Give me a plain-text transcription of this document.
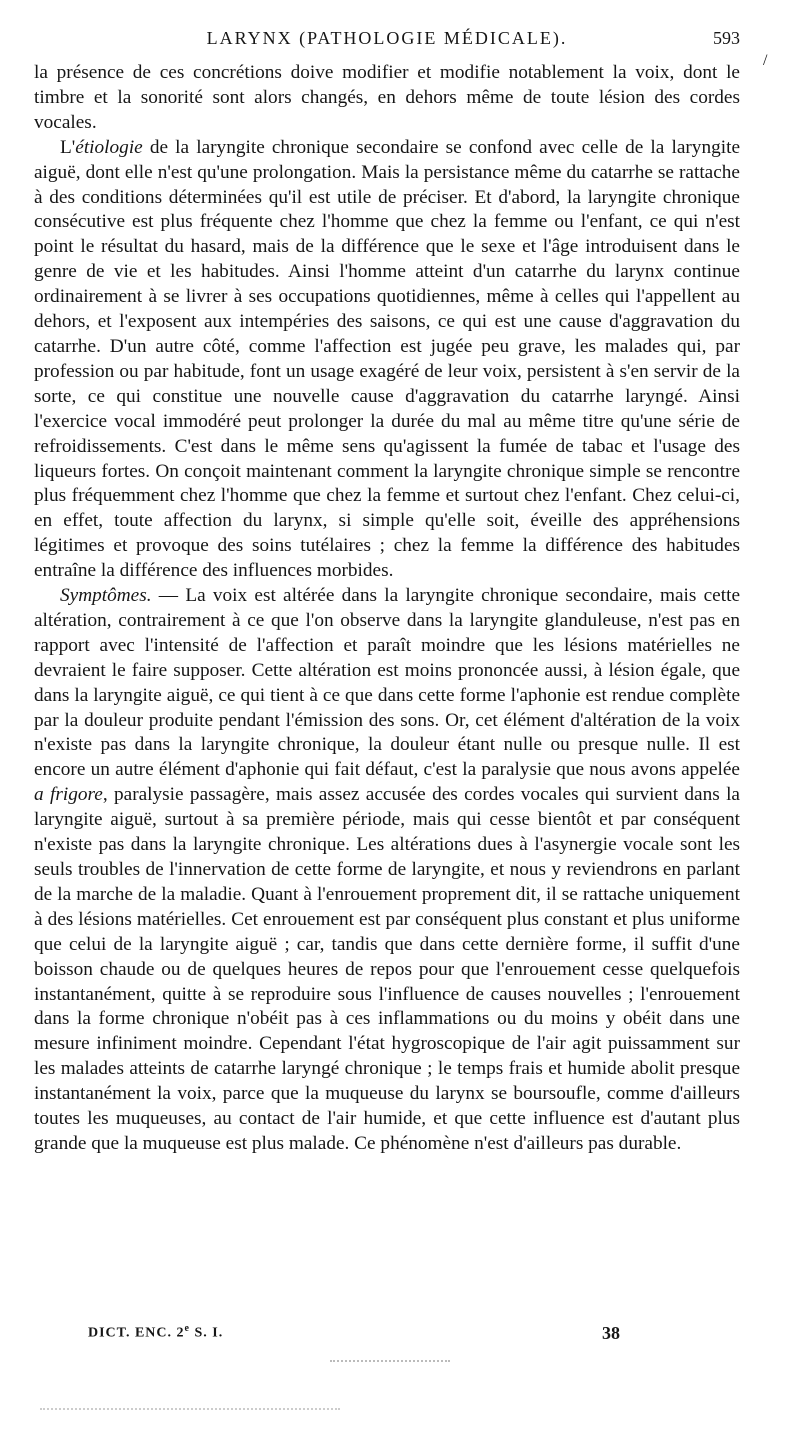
LARYNX (PATHOLOGIE MÉDICALE).	593
/

la présence de ces concrétions doive modifier et modifie notablement la voix, dont le timbre et la sonorité sont alors changés, en dehors même de toute lésion des cordes vocales.

L'étiologie de la laryngite chronique secondaire se confond avec celle de la laryngite aiguë, dont elle n'est qu'une prolongation. Mais la persistance même du catarrhe se rattache à des conditions déterminées qu'il est utile de préciser. Et d'abord, la laryngite chronique consécutive est plus fréquente chez l'homme que chez la femme ou l'enfant, ce qui n'est point le résultat du hasard, mais de la différence que le sexe et l'âge introduisent dans le genre de vie et les habitudes. Ainsi l'homme atteint d'un catarrhe du larynx continue ordinairement à se livrer à ses occupations quotidiennes, même à celles qui l'appellent au dehors, et l'exposent aux intempéries des saisons, ce qui est une cause d'aggravation du catarrhe. D'un autre côté, comme l'affection est jugée peu grave, les malades qui, par profession ou par habitude, font un usage exagéré de leur voix, persistent à s'en servir de la sorte, ce qui constitue une nouvelle cause d'aggravation du catarrhe laryngé. Ainsi l'exercice vocal immodéré peut prolonger la durée du mal au même titre qu'une série de refroidissements. C'est dans le même sens qu'agissent la fumée de tabac et l'usage des liqueurs fortes. On conçoit maintenant comment la laryngite chronique simple se rencontre plus fréquemment chez l'homme que chez la femme et surtout chez l'enfant. Chez celui-ci, en effet, toute affection du larynx, si simple qu'elle soit, éveille des appréhensions légitimes et provoque des soins tutélaires ; chez la femme la différence des habitudes entraîne la différence des influences morbides.

Symptômes. — La voix est altérée dans la laryngite chronique secondaire, mais cette altération, contrairement à ce que l'on observe dans la laryngite glanduleuse, n'est pas en rapport avec l'intensité de l'affection et paraît moindre que les lésions matérielles ne devraient le faire supposer. Cette altération est moins prononcée aussi, à lésion égale, que dans la laryngite aiguë, ce qui tient à ce que dans cette forme l'aphonie est rendue complète par la douleur produite pendant l'émission des sons. Or, cet élément d'altération de la voix n'existe pas dans la laryngite chronique, la douleur étant nulle ou presque nulle. Il est encore un autre élément d'aphonie qui fait défaut, c'est la paralysie que nous avons appelée a frigore, paralysie passagère, mais assez accusée des cordes vocales qui survient dans la laryngite aiguë, surtout à sa première période, mais qui cesse bientôt et par conséquent n'existe pas dans la laryngite chronique. Les altérations dues à l'asynergie vocale sont les seuls troubles de l'innervation de cette forme de laryngite, et nous y reviendrons en parlant de la marche de la maladie. Quant à l'enrouement proprement dit, il se rattache uniquement à des lésions matérielles. Cet enrouement est par conséquent plus constant et plus uniforme que celui de la laryngite aiguë ; car, tandis que dans cette dernière forme, il suffit d'une boisson chaude ou de quelques heures de repos pour que l'enrouement cesse quelquefois instantanément, quitte à se reproduire sous l'influence de causes nouvelles ; l'enrouement dans la forme chronique n'obéit pas à ces inflammations ou du moins y obéit dans une mesure infiniment moindre. Cependant l'état hygroscopique de l'air agit puissamment sur les malades atteints de catarrhe laryngé chronique ; le temps frais et humide abolit presque instantanément la voix, parce que la muqueuse du larynx se boursoufle, comme d'ailleurs toutes les muqueuses, au contact de l'air humide, et que cette influence est d'autant plus grande que la muqueuse est plus malade. Ce phénomène n'est d'ailleurs pas durable.

DICT. ENC. 2e S. I.	38
